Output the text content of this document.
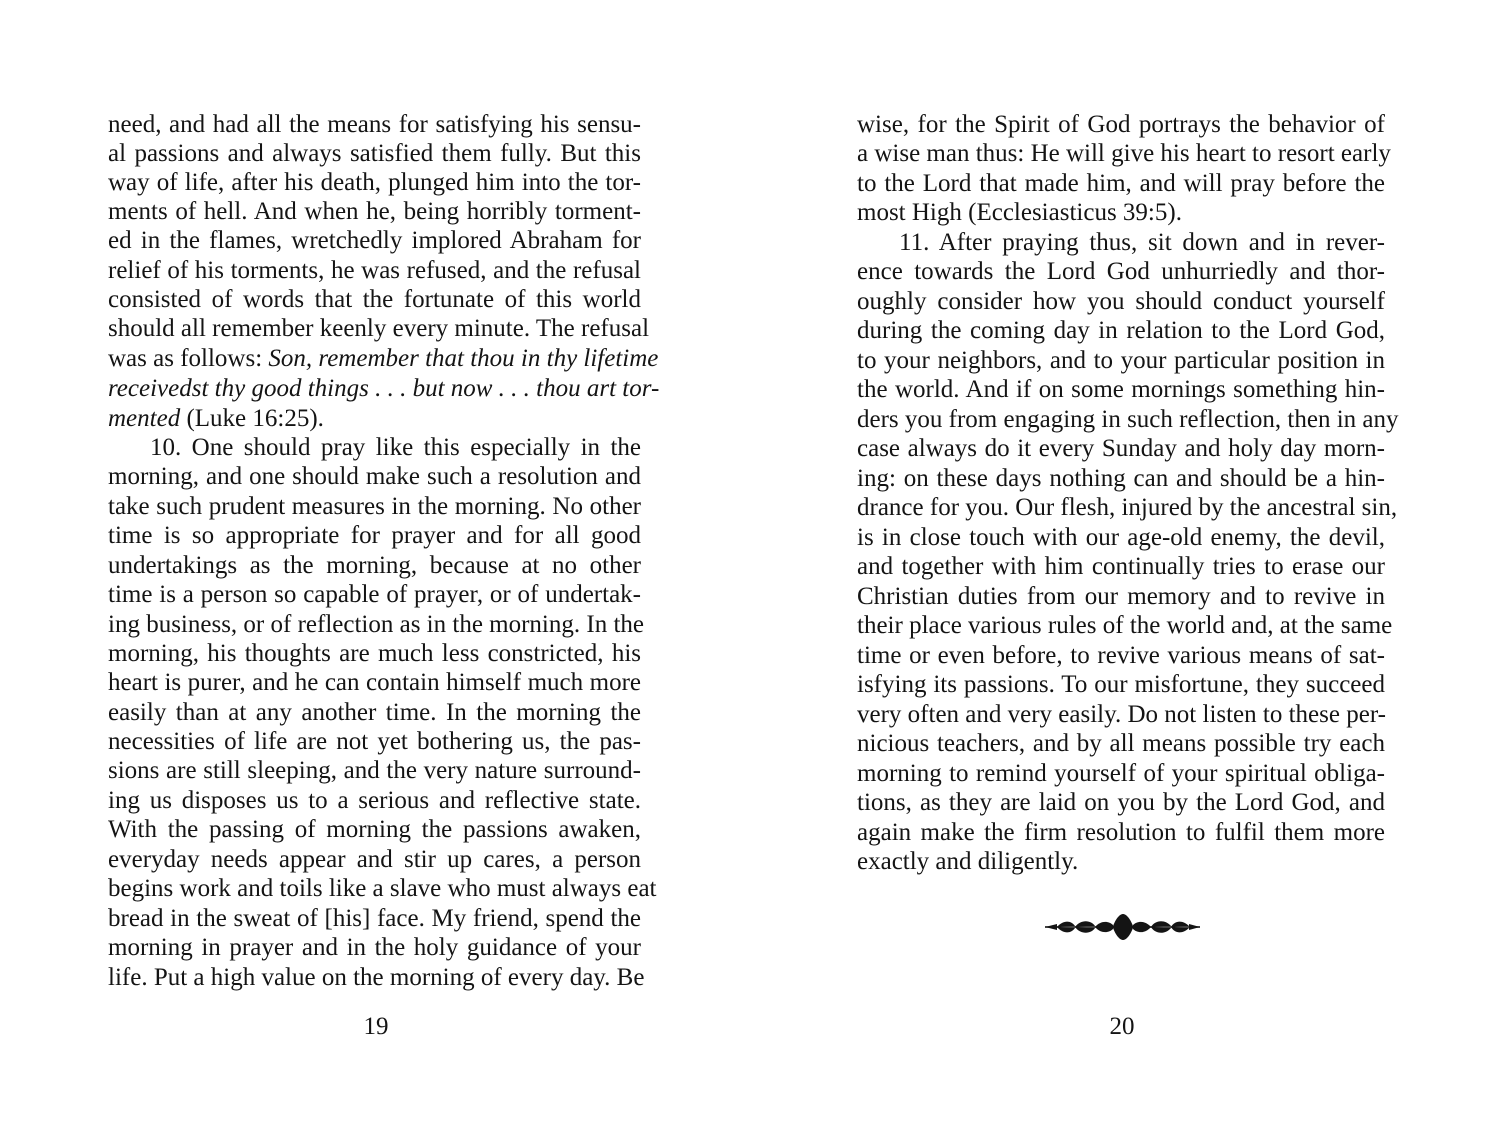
need, and had all the means for satisfying his sensu-
al passions and always satisfied them fully. But this
way of life, after his death, plunged him into the tor-
ments of hell. And when he, being horribly torment-
ed in the flames, wretchedly implored Abraham for
relief of his torments, he was refused, and the refusal
consisted of words that the fortunate of this world
should all remember keenly every minute. The refusal
was as follows: Son, remember that thou in thy lifetime
receivedst thy good things . . . but now . . . thou art tor-
mented (Luke 16:25).
10. One should pray like this especially in the
morning, and one should make such a resolution and
take such prudent measures in the morning. No other
time is so appropriate for prayer and for all good
undertakings as the morning, because at no other
time is a person so capable of prayer, or of undertak-
ing business, or of reflection as in the morning. In the
morning, his thoughts are much less constricted, his
heart is purer, and he can contain himself much more
easily than at any another time. In the morning the
necessities of life are not yet bothering us, the pas-
sions are still sleeping, and the very nature surround-
ing us disposes us to a serious and reflective state.
With the passing of morning the passions awaken,
everyday needs appear and stir up cares, a person
begins work and toils like a slave who must always eat
bread in the sweat of [his] face. My friend, spend the
morning in prayer and in the holy guidance of your
life. Put a high value on the morning of every day. Be
19
wise, for the Spirit of God portrays the behavior of
a wise man thus: He will give his heart to resort early
to the Lord that made him, and will pray before the
most High (Ecclesiasticus 39:5).
11. After praying thus, sit down and in rever-
ence towards the Lord God unhurriedly and thor-
oughly consider how you should conduct yourself
during the coming day in relation to the Lord God,
to your neighbors, and to your particular position in
the world. And if on some mornings something hin-
ders you from engaging in such reflection, then in any
case always do it every Sunday and holy day morn-
ing: on these days nothing can and should be a hin-
drance for you. Our flesh, injured by the ancestral sin,
is in close touch with our age-old enemy, the devil,
and together with him continually tries to erase our
Christian duties from our memory and to revive in
their place various rules of the world and, at the same
time or even before, to revive various means of sat-
isfying its passions. To our misfortune, they succeed
very often and very easily. Do not listen to these per-
nicious teachers, and by all means possible try each
morning to remind yourself of your spiritual obliga-
tions, as they are laid on you by the Lord God, and
again make the firm resolution to fulfil them more
exactly and diligently.
20
